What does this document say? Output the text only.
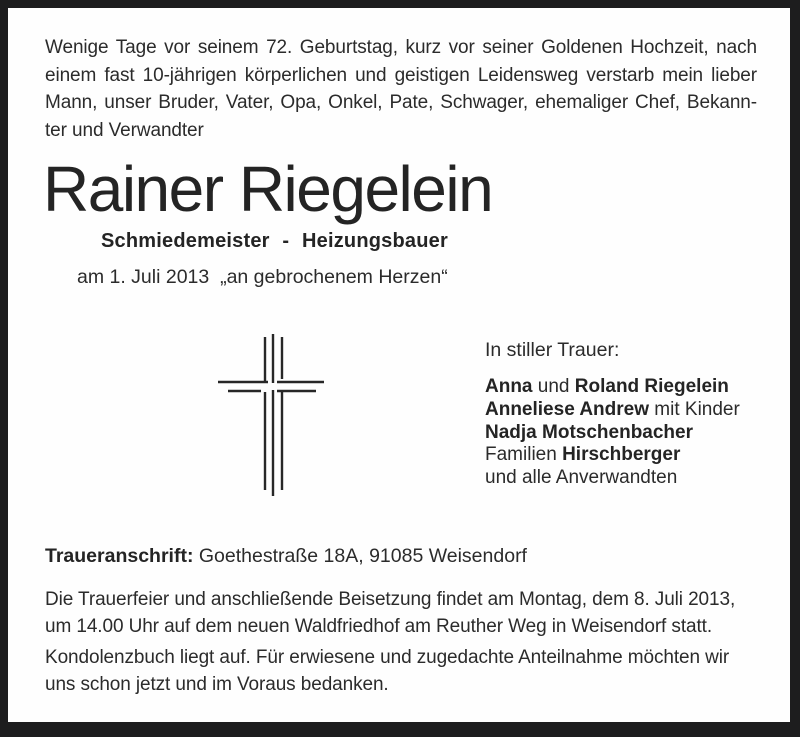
Wenige Tage vor seinem 72. Geburtstag, kurz vor seiner Goldenen Hochzeit, nach
einem fast 10-jährigen körperlichen und geistigen Leidensweg verstarb mein lieber
Mann, unser Bruder, Vater, Opa, Onkel, Pate, Schwager, ehemaliger Chef, Bekann-
ter und Verwandter
Rainer Riegelein
Schmiedemeister - Heizungsbauer
am 1. Juli 2013  „an gebrochenem Herzen“
In stiller Trauer:
Anna und Roland Riegelein
Anneliese Andrew mit Kinder
Nadja Motschenbacher
Familien Hirschberger
und alle Anverwandten
Traueranschrift: Goethestraße 18A, 91085 Weisendorf
Die Trauerfeier und anschließende Beisetzung findet am Montag, dem 8. Juli 2013,
um 14.00 Uhr auf dem neuen Waldfriedhof am Reuther Weg in Weisendorf statt.
Kondolenzbuch liegt auf. Für erwiesene und zugedachte Anteilnahme möchten wir
uns schon jetzt und im Voraus bedanken.
